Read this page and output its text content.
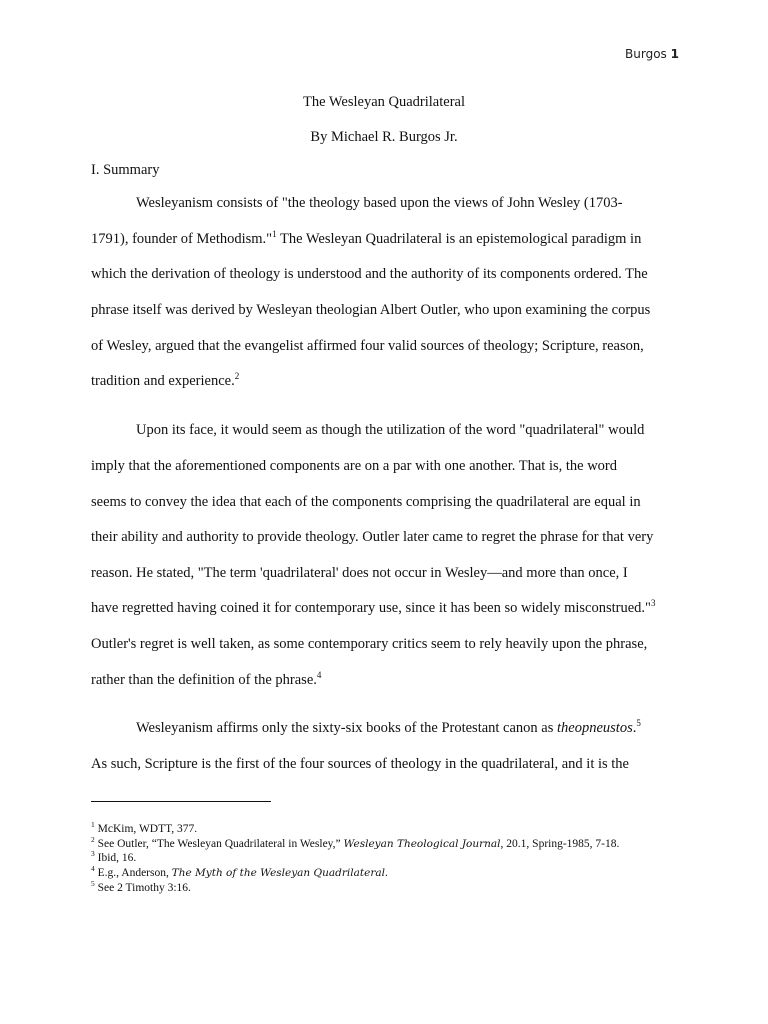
Burgos 1
The Wesleyan Quadrilateral
By Michael R. Burgos Jr.
I. Summary
Wesleyanism consists of "the theology based upon the views of John Wesley (1703-
1791), founder of Methodism."$^1$ The Wesleyan Quadrilateral is an epistemological paradigm in
which the derivation of theology is understood and the authority of its components ordered. The
phrase itself was derived by Wesleyan theologian Albert Outler, who upon examining the corpus
of Wesley, argued that the evangelist affirmed four valid sources of theology; Scripture, reason,
tradition and experience.$^2$
Upon its face, it would seem as though the utilization of the word "quadrilateral" would
imply that the aforementioned components are on a par with one another. That is, the word
seems to convey the idea that each of the components comprising the quadrilateral are equal in
their ability and authority to provide theology. Outler later came to regret the phrase for that very
reason. He stated, "The term 'quadrilateral' does not occur in Wesley—and more than once, I
have regretted having coined it for contemporary use, since it has been so widely misconstrued."$^3$
Outler's regret is well taken, as some contemporary critics seem to rely heavily upon the phrase,
rather than the definition of the phrase.$^4$
Wesleyanism affirms only the sixty-six books of the Protestant canon as theopneustos.$^5$
As such, Scripture is the first of the four sources of theology in the quadrilateral, and it is the
$^1$ McKim, WDTT, 377.
$^2$ See Outler, “The Wesleyan Quadrilateral in Wesley,” Wesleyan Theological Journal, 20.1, Spring-1985, 7-18.
$^3$ Ibid, 16.
$^4$ E.g., Anderson, The Myth of the Wesleyan Quadrilateral.
$^5$ See 2 Timothy 3:16.
